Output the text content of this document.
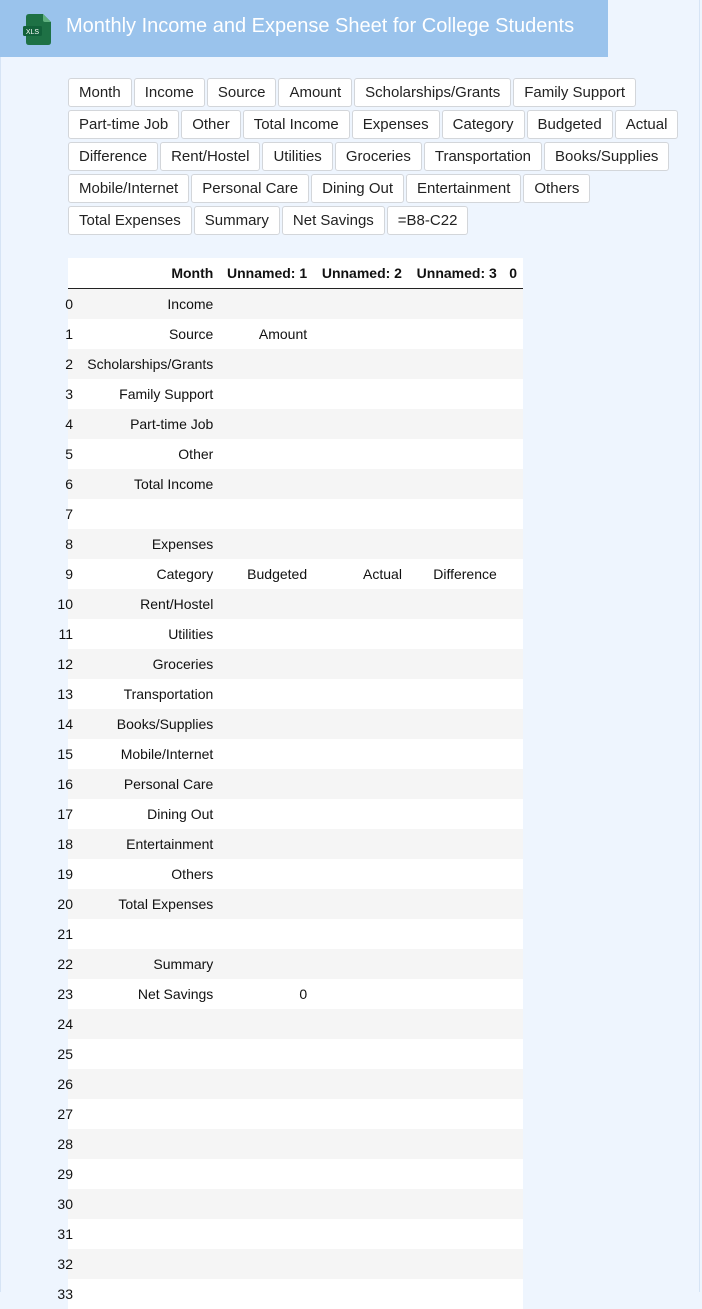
XLS Monthly Income and Expense Sheet for College Students
Month	Income	Source	Amount	Scholarships/Grants	Family Support
Part-time Job	Other	Total Income	Expenses	Category	Budgeted	Actual
Difference	Rent/Hostel	Utilities	Groceries	Transportation	Books/Supplies
Mobile/Internet	Personal Care	Dining Out	Entertainment	Others
Total Expenses	Summary	Net Savings	=B8-C22
	Month	Unnamed: 1	Unnamed: 2	Unnamed: 3	0

0	Income				

1	Source	Amount			

2	Scholarships/Grants				

3	Family Support				

4	Part-time Job				

5	Other				

6	Total Income				

7					

8	Expenses				

9	Category	Budgeted	Actual	Difference	

10	Rent/Hostel				

11	Utilities				

12	Groceries				

13	Transportation				

14	Books/Supplies				

15	Mobile/Internet				

16	Personal Care				

17	Dining Out				

18	Entertainment				

19	Others				

20	Total Expenses				

21					

22	Summary				

23	Net Savings	0			

24					

25					

26					

27					

28					

29					

30					

31					

32					

33					
